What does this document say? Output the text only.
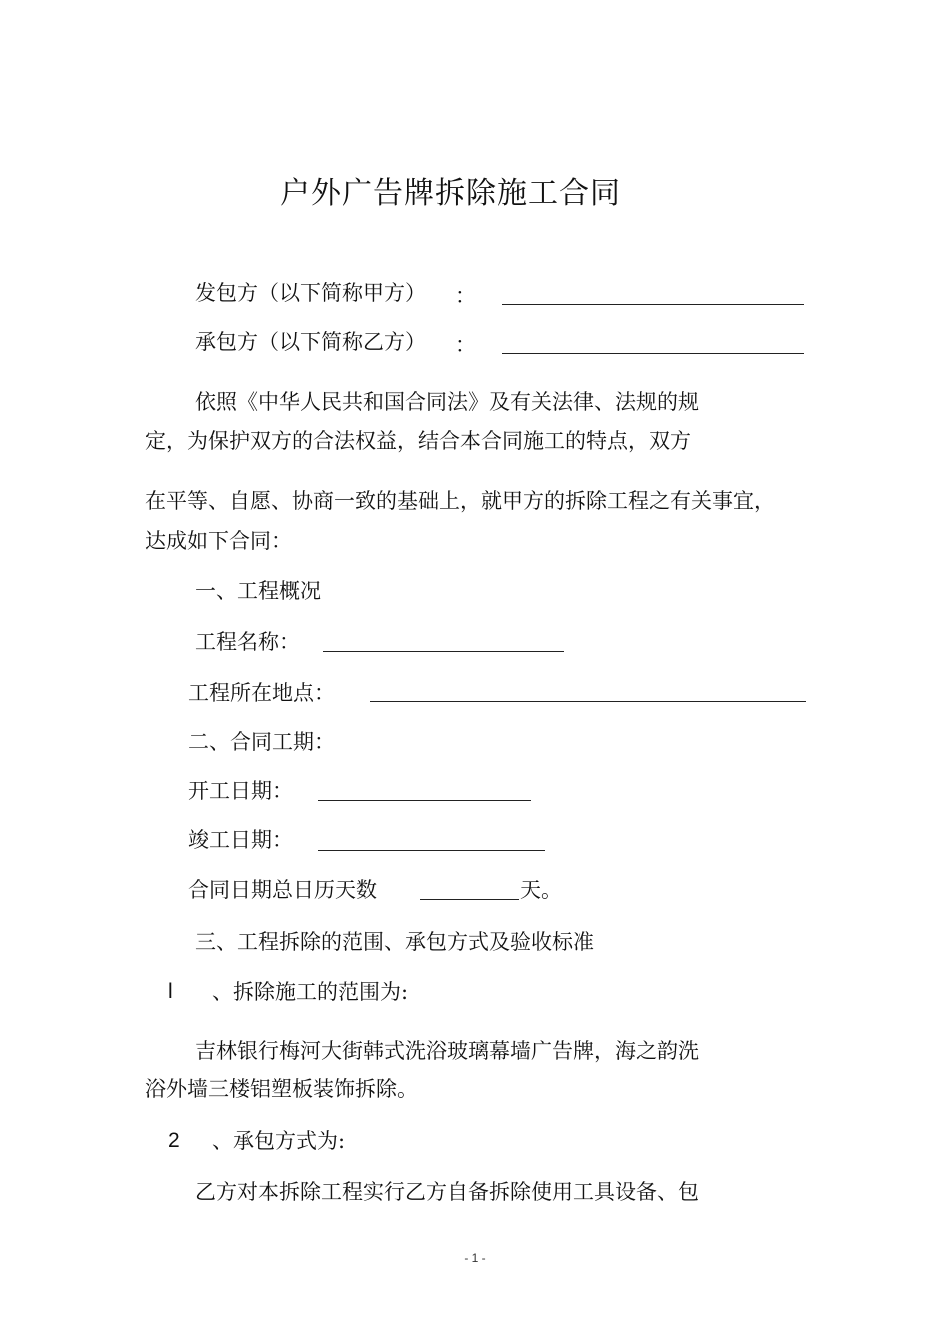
户外广告牌拆除施工合同
发包方（以下简称甲方） ：
承包方（以下简称乙方） ：
依照《中华人民共和国合同法》及有关法律、法规的规
定，为保护双方的合法权益，结合本合同施工的特点，双方
在平等、自愿、协商一致的基础上，就甲方的拆除工程之有关事宜，
达成如下合同：
一、工程概况
工程名称：
工程所在地点：
二、合同工期：
开工日期：
竣工日期：
合同日期总日历天数	天。
三、工程拆除的范围、承包方式及验收标准
l 、拆除施工的范围为:
吉林银行梅河大街韩式洗浴玻璃幕墙广告牌，海之韵洗
浴外墙三楼铝塑板装饰拆除。
2 、承包方式为:
乙方对本拆除工程实行乙方自备拆除使用工具设备、包
- 1 -
